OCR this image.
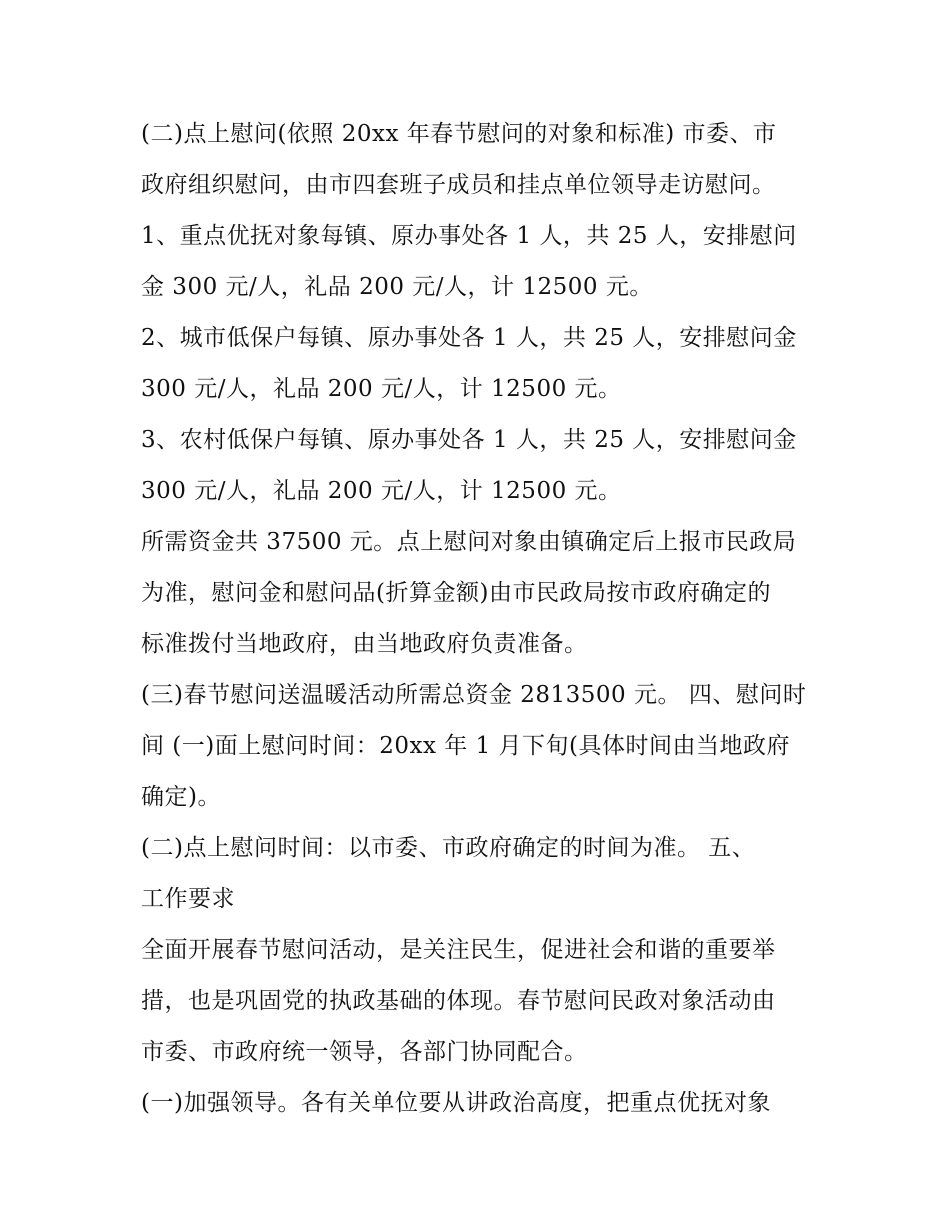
(二)点上慰问(依照 20xx 年春节慰问的对象和标准) 市委、市
政府组织慰问，由市四套班子成员和挂点单位领导走访慰问。
1、重点优抚对象每镇、原办事处各 1 人，共 25 人，安排慰问
金 300 元/人，礼品 200 元/人，计 12500 元。
2、城市低保户每镇、原办事处各 1 人，共 25 人，安排慰问金
300 元/人，礼品 200 元/人，计 12500 元。
3、农村低保户每镇、原办事处各 1 人，共 25 人，安排慰问金
300 元/人，礼品 200 元/人，计 12500 元。
所需资金共 37500 元。点上慰问对象由镇确定后上报市民政局
为准，慰问金和慰问品(折算金额)由市民政局按市政府确定的
标准拨付当地政府，由当地政府负责准备。
(三)春节慰问送温暖活动所需总资金 2813500 元。 四、慰问时
间 (一)面上慰问时间：20xx 年 1 月下旬(具体时间由当地政府
确定)。
(二)点上慰问时间：以市委、市政府确定的时间为准。 五、
工作要求
全面开展春节慰问活动，是关注民生，促进社会和谐的重要举
措，也是巩固党的执政基础的体现。春节慰问民政对象活动由
市委、市政府统一领导，各部门协同配合。
(一)加强领导。各有关单位要从讲政治高度，把重点优抚对象
